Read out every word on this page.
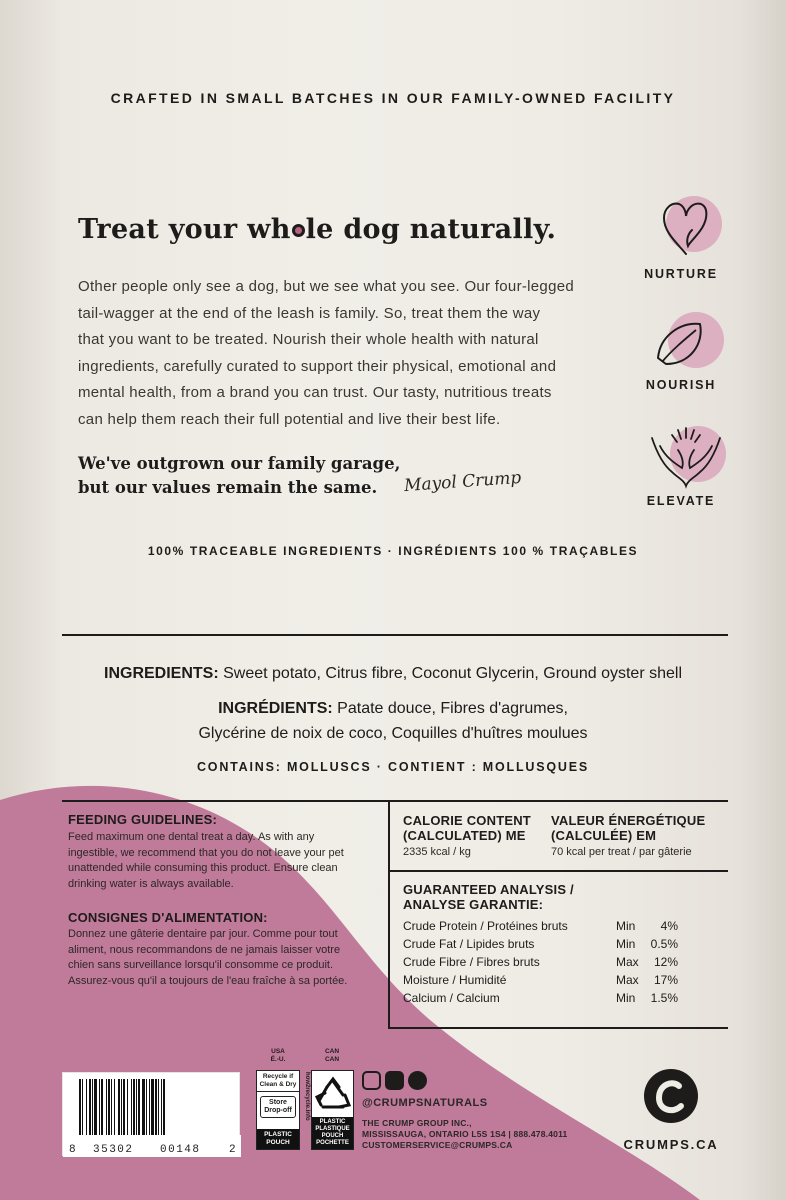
CRAFTED IN SMALL BATCHES IN OUR FAMILY-OWNED FACILITY
Treat your wh le dog naturally.
Other people only see a dog, but we see what you see. Our four-legged
tail-wagger at the end of the leash is family. So, treat them the way
that you want to be treated. Nourish their whole health with natural
ingredients, carefully curated to support their physical, emotional and
mental health, from a brand you can trust. Our tasty, nutritious treats
can help them reach their full potential and live their best life.
We've outgrown our family garage,
but our values remain the same.	Mayol Crump
NURTURE
NOURISH
ELEVATE
100% TRACEABLE INGREDIENTS · INGRÉDIENTS 100 % TRAÇABLES
INGREDIENTS: Sweet potato, Citrus fibre, Coconut Glycerin, Ground oyster shell
INGRÉDIENTS: Patate douce, Fibres d'agrumes,
Glycérine de noix de coco, Coquilles d'huîtres moulues
CONTAINS: MOLLUSCS · CONTIENT : MOLLUSQUES
FEEDING GUIDELINES:
Feed maximum one dental treat a day. As with any
ingestible, we recommend that you do not leave your pet
unattended while consuming this product. Ensure clean
drinking water is always available.
CONSIGNES D'ALIMENTATION:
Donnez une gâterie dentaire par jour. Comme pour tout
aliment, nous recommandons de ne jamais laisser votre
chien sans surveillance lorsqu'il consomme ce produit.
Assurez-vous qu'il a toujours de l'eau fraîche à sa portée.
CALORIE CONTENT
(CALCULATED) ME
2335 kcal / kg
VALEUR ÉNERGÉTIQUE
(CALCULÉE) EM
70 kcal per treat / par gâterie
GUARANTEED ANALYSIS /
ANALYSE GARANTIE:
Crude Protein / Protéines bruts	Min 4%
Crude Fat / Lipides bruts	Min 0.5%
Crude Fibre / Fibres bruts	Max 12%
Moisture / Humidité	Max 17%
Calcium / Calcium	Min 1.5%
8 35302 00148	2
USA
É.-U.
Recycle if Clean & Dry
Store Drop-off
PLASTIC POUCH
how2recycle.info
CAN
CAN
PLASTIC PLASTIQUE POUCH POCHETTE
@CRUMPSNATURALS
THE CRUMP GROUP INC.,
MISSISSAUGA, ONTARIO L5S 1S4 | 888.478.4011
CUSTOMERSERVICE@CRUMPS.CA	CRUMPS.CA
